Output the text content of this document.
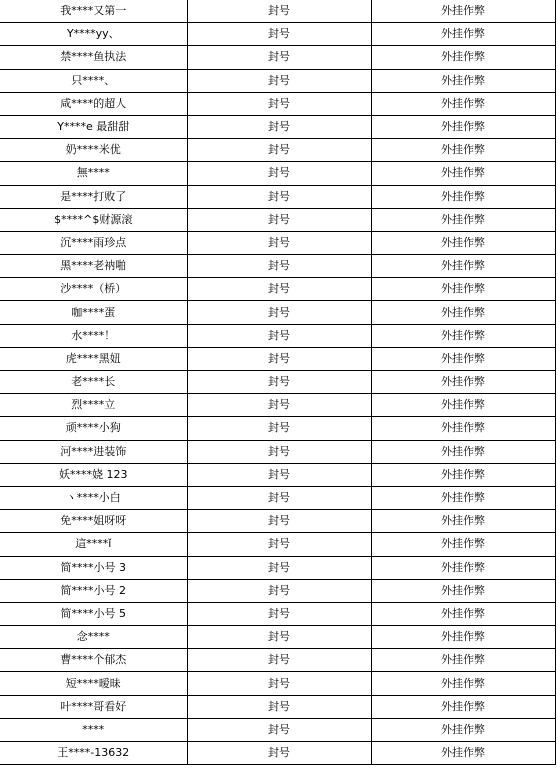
我****又第一	封号	外挂作弊
Y****yy、	封号	外挂作弊
禁****鱼执法	封号	外挂作弊
只****、	封号	外挂作弊
咸****的超人	封号	外挂作弊
Y****e 最甜甜	封号	外挂作弊
奶****米优	封号	外挂作弊
無****	封号	外挂作弊
是****打败了	封号	外挂作弊
$****^$财源滚	封号	外挂作弊
沉****雨珍点	封号	外挂作弊
黑****老衲啪	封号	外挂作弊
沙****（桥）	封号	外挂作弊
咖****蛋	封号	外挂作弊
水****！	封号	外挂作弊
虎****黑妞	封号	外挂作弊
老****长	封号	外挂作弊
烈****立	封号	外挂作弊
顽****小狗	封号	外挂作弊
河****进装饰	封号	外挂作弊
妖****娆 123	封号	外挂作弊
ヽ****小白	封号	外挂作弊
免****姐呀呀	封号	外挂作弊
這****ǐ	封号	外挂作弊
简****小号 3	封号	外挂作弊
简****小号 2	封号	外挂作弊
简****小号 5	封号	外挂作弊
念****	封号	外挂作弊
曹****个郁杰	封号	外挂作弊
短****暧昧	封号	外挂作弊
叶****哥看好	封号	外挂作弊
****	封号	外挂作弊
王****-13632	封号	外挂作弊
